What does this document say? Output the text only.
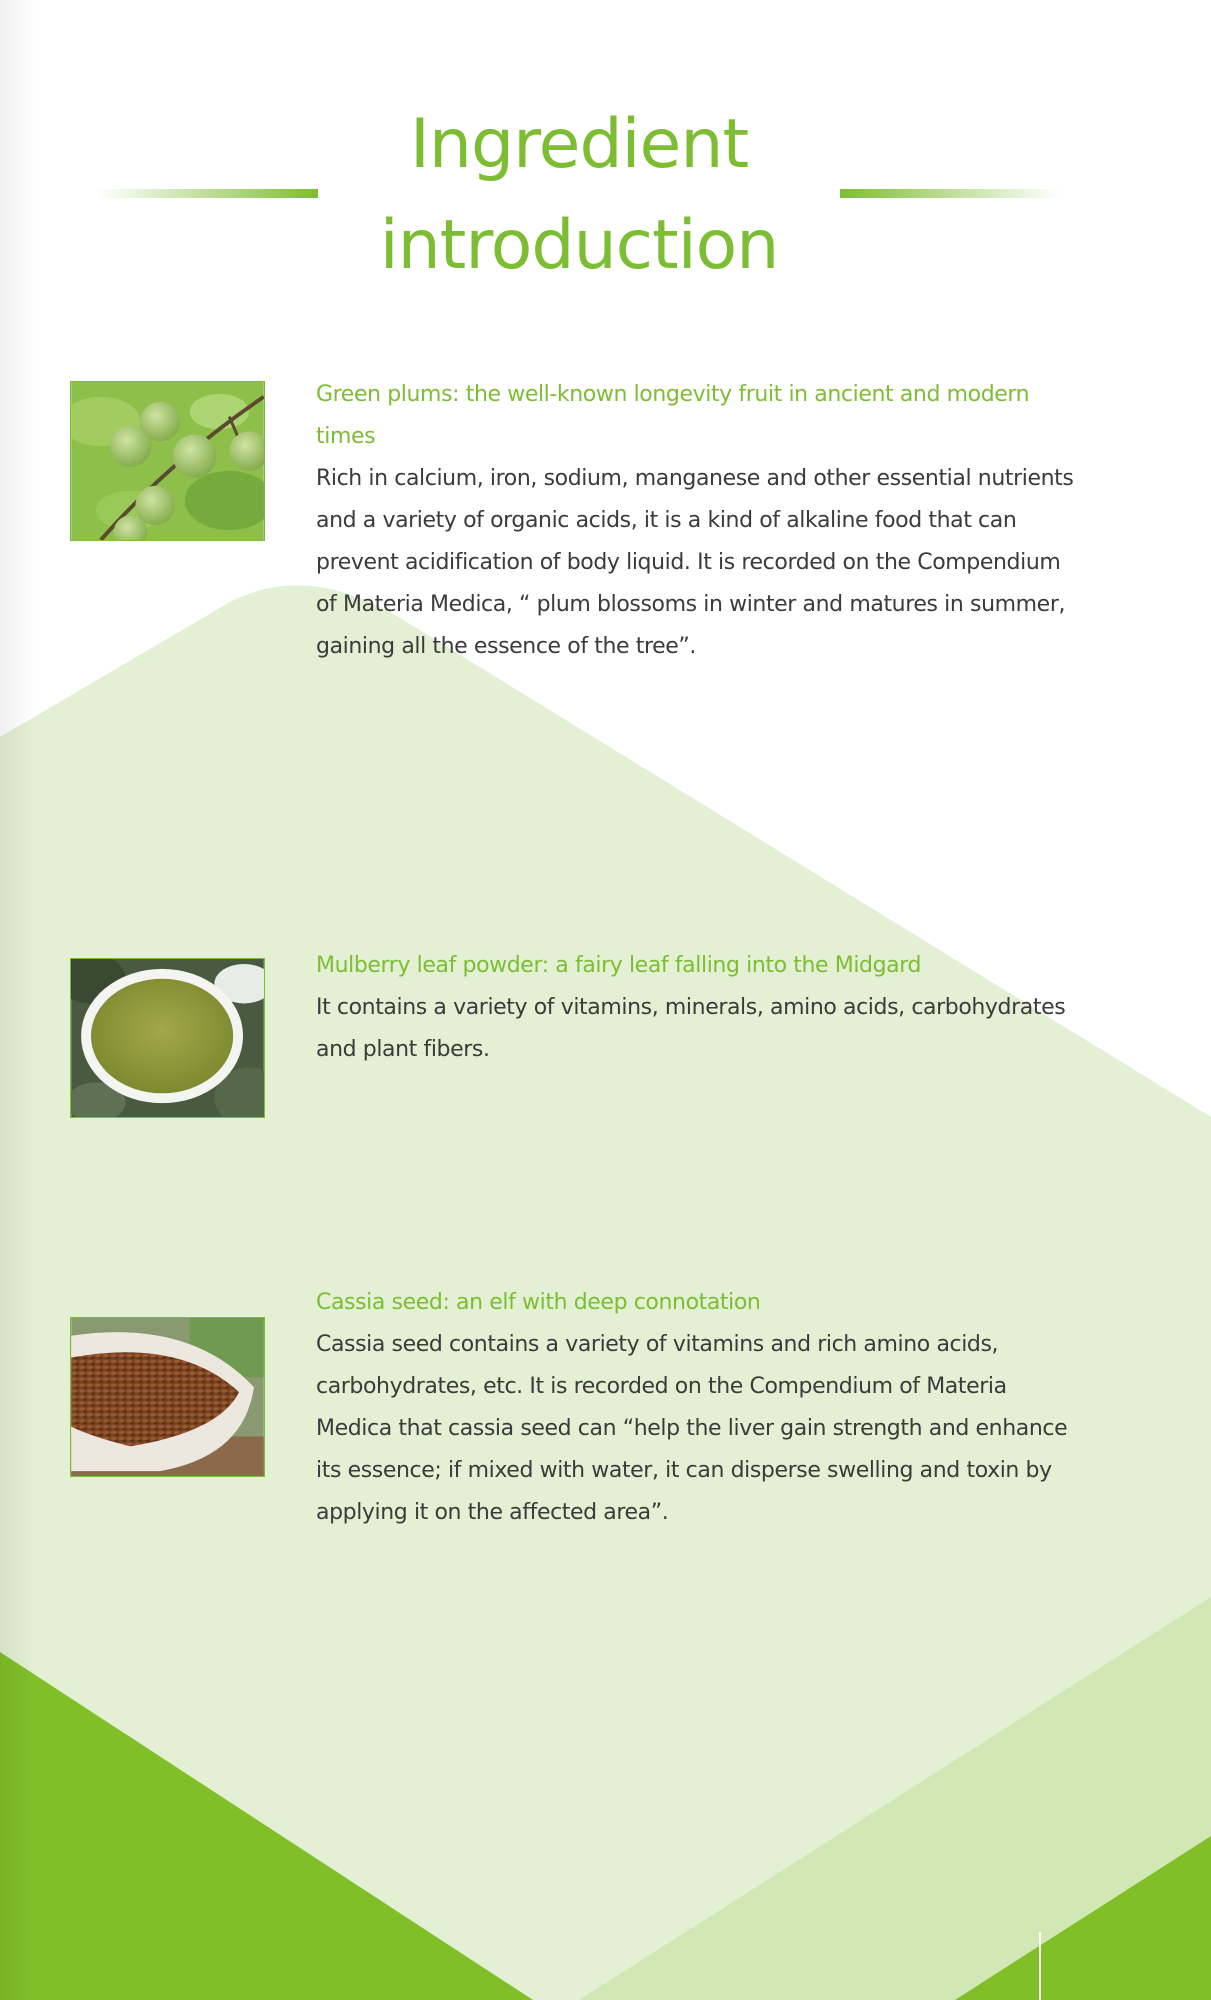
Ingredient
introduction
Green plums: the well-known longevity fruit in ancient and modern
times

Rich in calcium, iron, sodium, manganese and other essential nutrients
and a variety of organic acids, it is a kind of alkaline food that can
prevent acidification of body liquid. It is recorded on the Compendium
of Materia Medica, “ plum blossoms in winter and matures in summer,
gaining all the essence of the tree”.

Mulberry leaf powder: a fairy leaf falling into the Midgard

It contains a variety of vitamins, minerals, amino acids, carbohydrates
and plant fibers.

Cassia seed: an elf with deep connotation

Cassia seed contains a variety of vitamins and rich amino acids,
carbohydrates, etc. It is recorded on the Compendium of Materia
Medica that cassia seed can “help the liver gain strength and enhance
its essence; if mixed with water, it can disperse swelling and toxin by
applying it on the affected area”.
